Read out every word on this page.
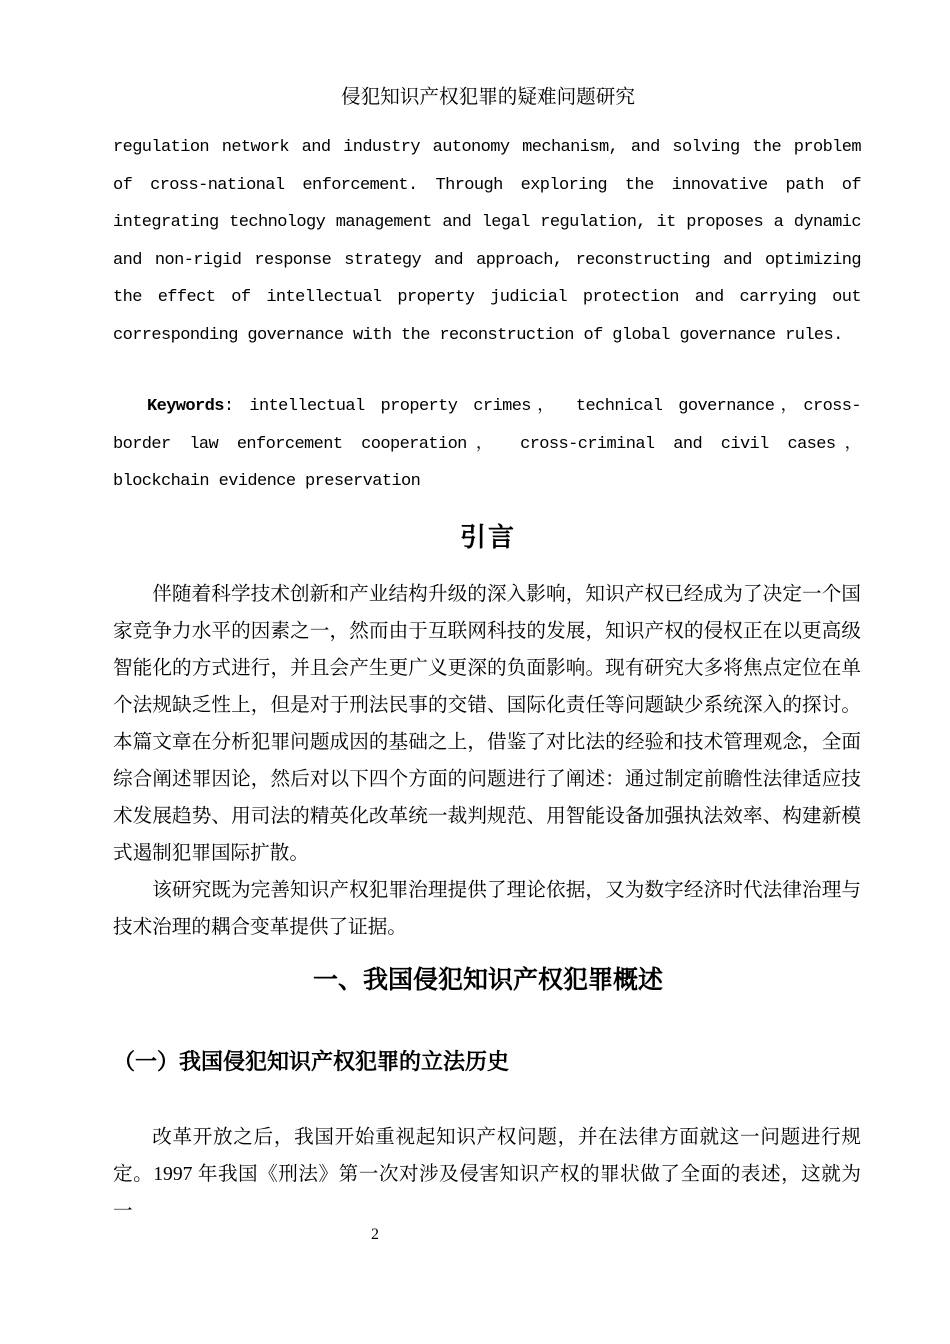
侵犯知识产权犯罪的疑难问题研究
regulation network and industry autonomy mechanism, and solving the problem of cross-national enforcement. Through exploring the innovative path of integrating technology management and legal regulation, it proposes a dynamic and non-rigid response strategy and approach, reconstructing and optimizing the effect of intellectual property judicial protection and carrying out corresponding governance with the reconstruction of global governance rules.
Keywords: intellectual property crimes， technical governance，cross-border law enforcement cooperation， cross-criminal and civil cases，blockchain evidence preservation
引言
伴随着科学技术创新和产业结构升级的深入影响，知识产权已经成为了决定一个国家竞争力水平的因素之一，然而由于互联网科技的发展，知识产权的侵权正在以更高级智能化的方式进行，并且会产生更广义更深的负面影响。现有研究大多将焦点定位在单个法规缺乏性上，但是对于刑法民事的交错、国际化责任等问题缺少系统深入的探讨。本篇文章在分析犯罪问题成因的基础之上，借鉴了对比法的经验和技术管理观念，全面综合阐述罪因论，然后对以下四个方面的问题进行了阐述：通过制定前瞻性法律适应技术发展趋势、用司法的精英化改革统一裁判规范、用智能设备加强执法效率、构建新模式遏制犯罪国际扩散。
该研究既为完善知识产权犯罪治理提供了理论依据，又为数字经济时代法律治理与技术治理的耦合变革提供了证据。
一、我国侵犯知识产权犯罪概述
（一）我国侵犯知识产权犯罪的立法历史
改革开放之后，我国开始重视起知识产权问题，并在法律方面就这一问题进行规定。1997 年我国《刑法》第一次对涉及侵害知识产权的罪状做了全面的表述，这就为一
2
